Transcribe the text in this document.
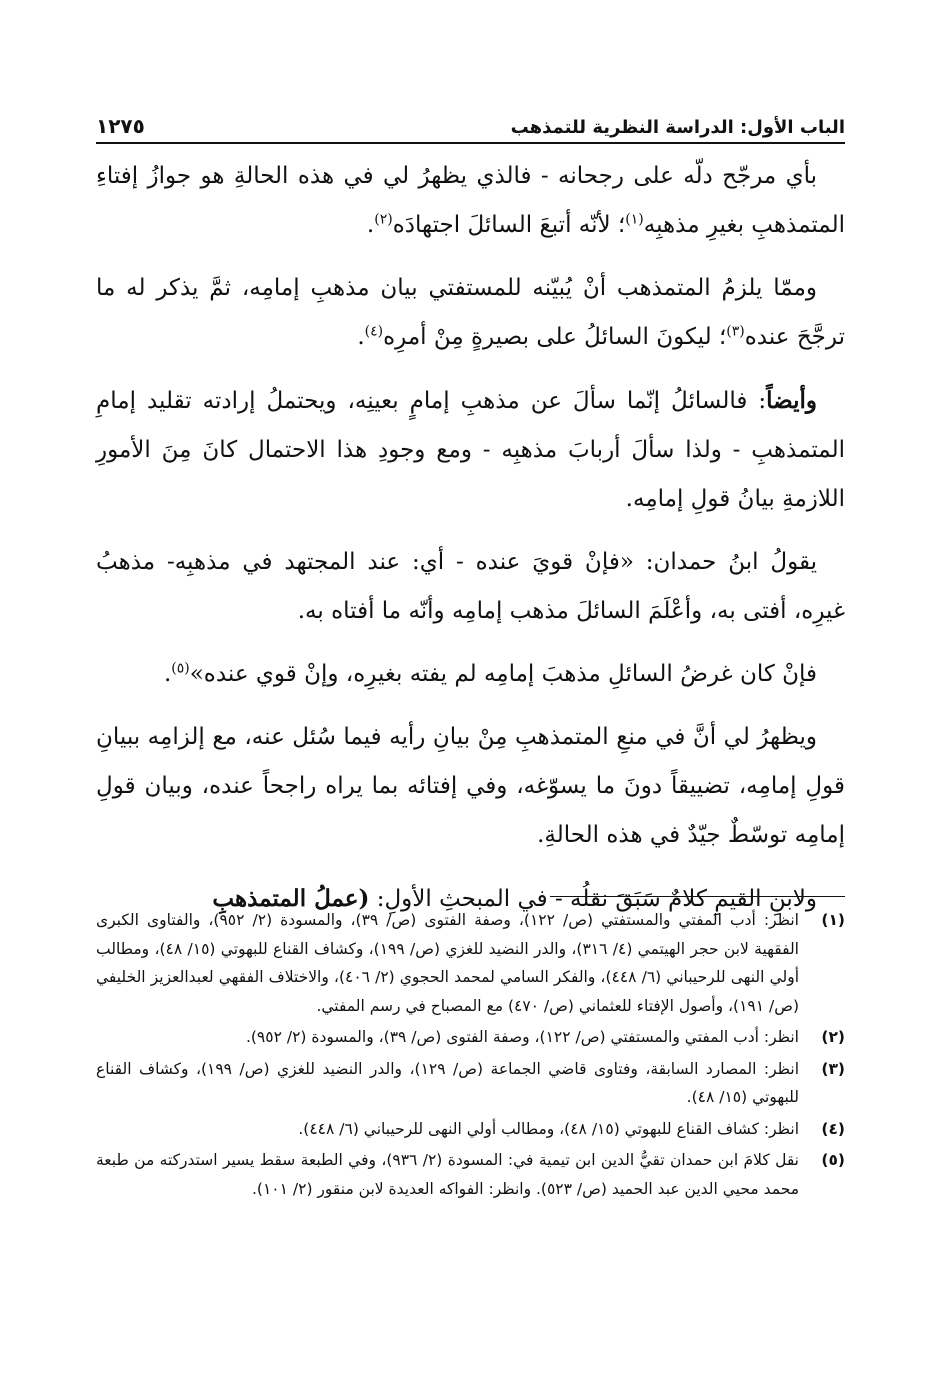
الباب الأول: الدراسة النظرية للتمذهب
١٢٧٥

بأي مرجّح دلّه على رجحانه - فالذي يظهرُ لي في هذه الحالةِ هو جوازُ إفتاءِ المتمذهبِ بغيرِ مذهبِه$^{(١)}$؛ لأنّه أتبعَ السائلَ اجتهادَه$^{(٢)}$.

وممّا يلزمُ المتمذهب أنْ يُبيّنه للمستفتي بيان مذهبِ إمامِه، ثمَّ يذكر له ما ترجَّحَ عنده$^{(٣)}$؛ ليكونَ السائلُ على بصيرةٍ مِنْ أمرِه$^{(٤)}$.

وأيضاً: فالسائلُ إنّما سألَ عن مذهبِ إمامٍ بعينِه، ويحتملُ إرادته تقليد إمامِ المتمذهبِ - ولذا سألَ أربابَ مذهبِه - ومع وجودِ هذا الاحتمال كانَ مِنَ الأمورِ اللازمةِ بيانُ قولِ إمامِه.

يقولُ ابنُ حمدان: «فإنْ قويَ عنده - أي: عند المجتهد في مذهبِه- مذهبُ غيرِه، أفتى به، وأعْلَمَ السائلَ مذهب إمامِه وأنّه ما أفتاه به.

فإنْ كان غرضُ السائلِ مذهبَ إمامِه لم يفته بغيرِه، وإنْ قوي عنده»$^{(٥)}$.

ويظهرُ لي أنَّ في منعِ المتمذهبِ مِنْ بيانِ رأيه فيما سُئل عنه، مع إلزامِه ببيانِ قولِ إمامِه، تضييقاً دونَ ما يسوّغه، وفي إفتائه بما يراه راجحاً عنده، وبيان قولِ إمامِه توسّطٌ جيّدٌ في هذه الحالةِ.

ولابنِ القيمِ كلامٌ سَبَقَ نقلُه - في المبحثِ الأولِ: (عملُ المتمذهبِ

(١)
انظر: أدب المفتي والمستفتي (ص/ ١٢٢)، وصفة الفتوى (ص/ ٣٩)، والمسودة (٢/ ٩٥٢)، والفتاوى الكبرى الفقهية لابن حجر الهيتمي (٤/ ٣١٦)، والدر النضيد للغزي (ص/ ١٩٩)، وكشاف القناع للبهوتي (١٥/ ٤٨)، ومطالب أولي النهى للرحيباني (٦/ ٤٤٨)، والفكر السامي لمحمد الحجوي (٢/ ٤٠٦)، والاختلاف الفقهي لعبدالعزيز الخليفي (ص/ ١٩١)، وأصول الإفتاء للعثماني (ص/ ٤٧٠) مع المصباح في رسم المفتي.
(٢)
انظر: أدب المفتي والمستفتي (ص/ ١٢٢)، وصفة الفتوى (ص/ ٣٩)، والمسودة (٢/ ٩٥٢).
(٣)
انظر: المصارد السابقة، وفتاوى قاضي الجماعة (ص/ ١٢٩)، والدر النضيد للغزي (ص/ ١٩٩)، وكشاف القناع للبهوتي (١٥/ ٤٨).
(٤)
انظر: كشاف القناع للبهوتي (١٥/ ٤٨)، ومطالب أولي النهى للرحيباني (٦/ ٤٤٨).
(٥)
نقل كلامَ ابن حمدان تقيُّ الدين ابن تيمية في: المسودة (٢/ ٩٣٦)، وفي الطبعة سقط يسير استدركته من طبعة محمد محيي الدين عبد الحميد (ص/ ٥٢٣). وانظر: الفواكه العديدة لابن منقور (٢/ ١٠١).
